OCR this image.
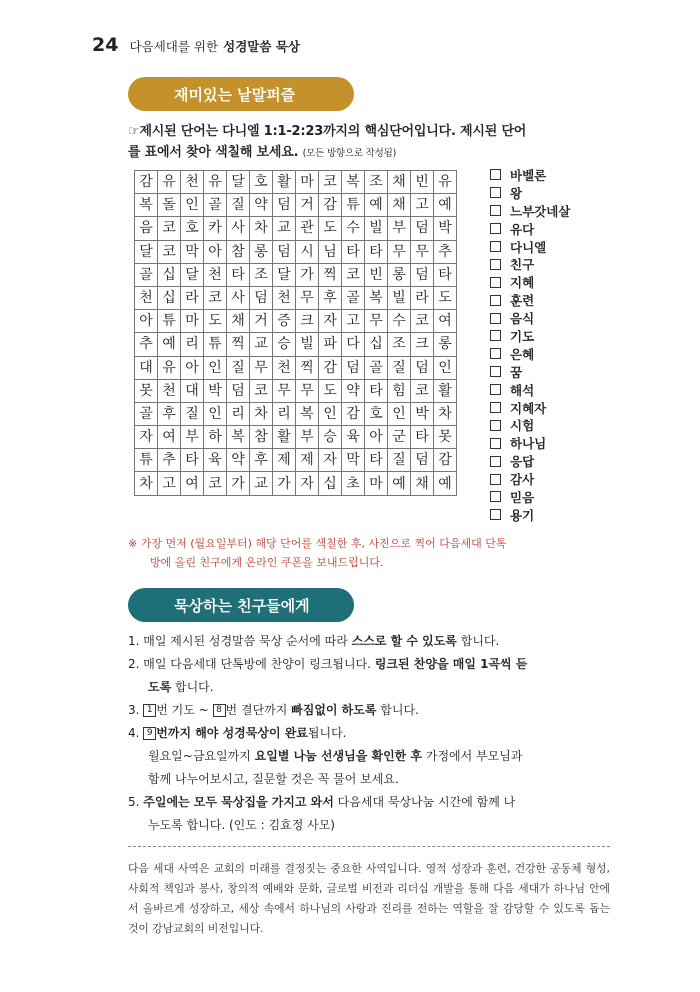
24 다음세대를 위한 성경말씀 묵상
재미있는 낱말퍼즐
☞제시된 단어는 다니엘 1:1-2:23까지의 핵심단어입니다. 제시된 단어
를 표에서 찾아 색칠해 보세요. (모든 방향으로 작성됨)
감	유	천	유	달	호	활	마	코	복	조	채	빈	유
복	돌	인	골	질	약	덤	거	감	튜	예	채	고	예
음	코	호	카	사	차	교	관	도	수	빌	부	덤	박
달	코	막	아	참	롱	덤	시	님	타	타	무	무	추
골	십	달	천	타	조	달	가	찍	코	빈	롱	덤	타
천	십	라	코	사	덤	천	무	후	골	복	빌	라	도
아	튜	마	도	채	거	증	크	자	고	무	수	코	여
추	예	리	튜	찍	교	승	빌	파	다	십	조	크	롱
대	유	아	인	질	무	천	찍	감	덤	골	질	덤	인
못	천	대	박	덤	코	무	무	도	약	타	힘	코	활
골	후	질	인	리	차	리	복	인	감	호	인	박	차
자	여	부	하	복	참	활	부	승	육	아	군	타	못
튜	추	타	육	약	후	제	제	자	막	타	질	덤	감
차	고	여	코	가	교	가	자	십	초	마	예	채	예
바벨론
왕
느부갓네살
유다
다니엘
친구
지혜
훈련
음식
기도
은혜
꿈
해석
지혜자
시험
하나님
응답
감사
믿음
용기
※ 가장 먼저 (월요일부터) 해당 단어를 색칠한 후, 사진으로 찍어 다음세대 단톡
방에 올린 친구에게 온라인 쿠폰을 보내드립니다.
묵상하는 친구들에게

1. 매일 제시된 성경말씀 묵상 순서에 따라 스스로 할 수 있도록 합니다.

2. 매일 다음세대 단톡방에 찬양이 링크됩니다. 링크된 찬양을 매일 1곡씩 듣

도록 합니다.

3. 1 번 기도 ~ 8 번 결단까지 빠짐없이 하도록 합니다.

4. 9 번까지 해야 성경묵상이 완료됩니다.

월요일~금요일까지 요일별 나눔 선생님을 확인한 후 가정에서 부모님과

함께 나누어보시고, 질문할 것은 꼭 물어 보세요.

5. 주일에는 모두 묵상집을 가지고 와서 다음세대 묵상나눔 시간에 함께 나

누도록 합니다. (인도 : 김효정 사모)

다음 세대 사역은 교회의 미래를 결정짓는 중요한 사역입니다. 영적 성장과 훈련, 건강한 공동체 형성, 사회적 책임과 봉사, 창의적 예배와 문화, 글로벌 비전과 리더십 개발을 통해 다음 세대가 하나님 안에서 올바르게 성장하고, 세상 속에서 하나님의 사랑과 진리를 전하는 역할을 잘 감당할 수 있도록 돕는 것이 강남교회의 비전입니다.
